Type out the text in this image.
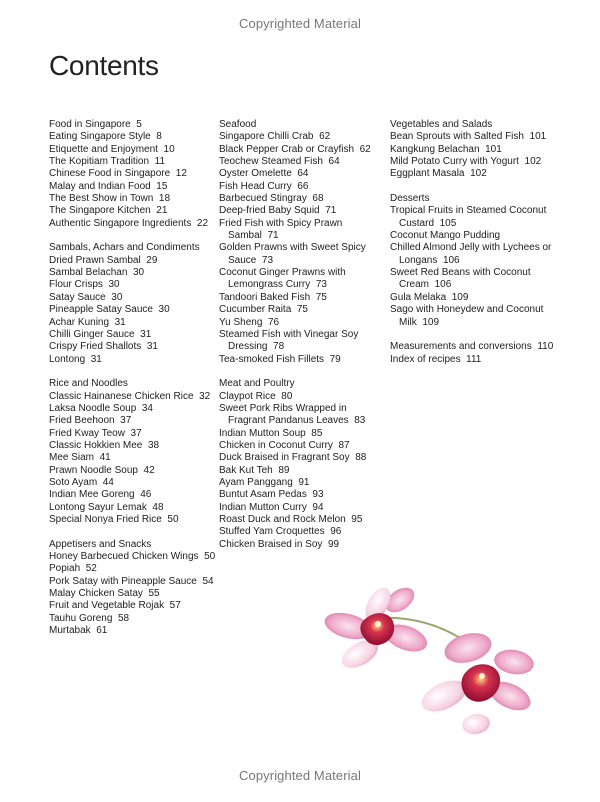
Copyrighted Material
Contents
Food in Singapore 5
Eating Singapore Style 8
Etiquette and Enjoyment 10
The Kopitiam Tradition 11
Chinese Food in Singapore 12
Malay and Indian Food 15
The Best Show in Town 18
The Singapore Kitchen 21
Authentic Singapore Ingredients 22
Sambals, Achars and Condiments
Dried Prawn Sambal 29
Sambal Belachan 30
Flour Crisps 30
Satay Sauce 30
Pineapple Satay Sauce 30
Achar Kuning 31
Chilli Ginger Sauce 31
Crispy Fried Shallots 31
Lontong 31
Rice and Noodles
Classic Hainanese Chicken Rice 32
Laksa Noodle Soup 34
Fried Beehoon 37
Fried Kway Teow 37
Classic Hokkien Mee 38
Mee Siam 41
Prawn Noodle Soup 42
Soto Ayam 44
Indian Mee Goreng 46
Lontong Sayur Lemak 48
Special Nonya Fried Rice 50
Appetisers and Snacks
Honey Barbecued Chicken Wings 50
Popiah 52
Pork Satay with Pineapple Sauce 54
Malay Chicken Satay 55
Fruit and Vegetable Rojak 57
Tauhu Goreng 58
Murtabak 61
Seafood
Singapore Chilli Crab 62
Black Pepper Crab or Crayfish 62
Teochew Steamed Fish 64
Oyster Omelette 64
Fish Head Curry 66
Barbecued Stingray 68
Deep-fried Baby Squid 71
Fried Fish with Spicy Prawn Sambal 71
Golden Prawns with Sweet Spicy Sauce 73
Coconut Ginger Prawns with Lemongrass Curry 73
Tandoori Baked Fish 75
Cucumber Raita 75
Yu Sheng 76
Steamed Fish with Vinegar Soy Dressing 78
Tea-smoked Fish Fillets 79
Meat and Poultry
Claypot Rice 80
Sweet Pork Ribs Wrapped in Fragrant Pandanus Leaves 83
Indian Mutton Soup 85
Chicken in Coconut Curry 87
Duck Braised in Fragrant Soy 88
Bak Kut Teh 89
Ayam Panggang 91
Buntut Asam Pedas 93
Indian Mutton Curry 94
Roast Duck and Rock Melon 95
Stuffed Yam Croquettes 96
Chicken Braised in Soy 99
Vegetables and Salads
Bean Sprouts with Salted Fish 101
Kangkung Belachan 101
Mild Potato Curry with Yogurt 102
Eggplant Masala 102
Desserts
Tropical Fruits in Steamed Coconut Custard 105
Coconut Mango Pudding
Chilled Almond Jelly with Lychees or Longans 106
Sweet Red Beans with Coconut Cream 106
Gula Melaka 109
Sago with Honeydew and Coconut Milk 109
Measurements and conversions 110
Index of recipes 111
Copyrighted Material
